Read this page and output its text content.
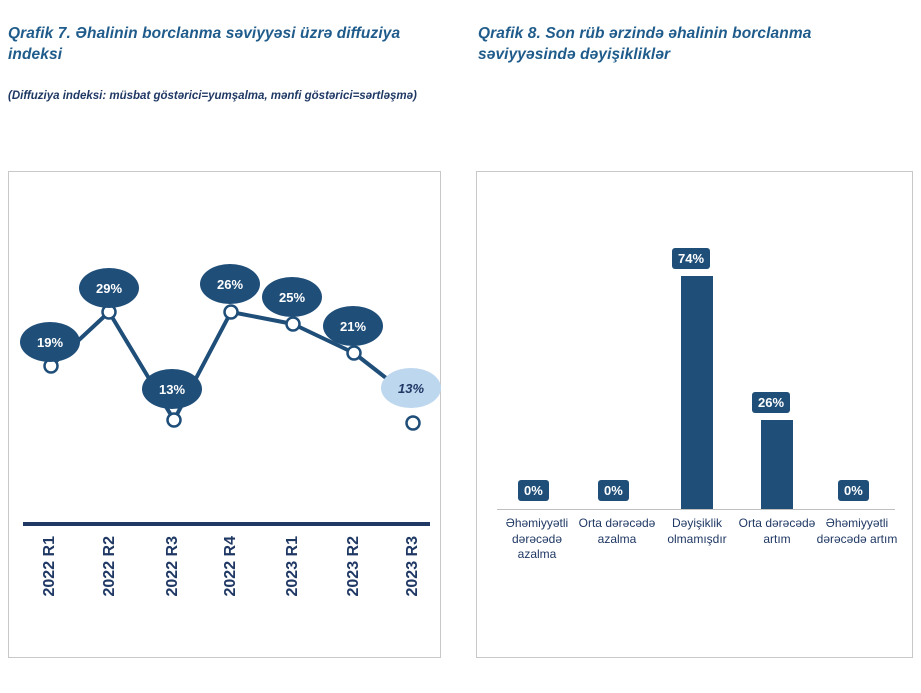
Qrafik 7. Əhalinin borclanma səviyyəsi üzrə diffuziya indeksi
(Diffuziya indeksi: müsbat göstərici=yumşalma, mənfi göstərici=sərtləşmə)
19%
29%
13%
26%
25%
21%
13%
2022 R1	2022 R2	2022 R3	2022 R4	2023 R1	2023 R2	2023 R3
Qrafik 8. Son rüb ərzində əhalinin borclanma səviyyəsində dəyişikliklər
0%
Əhəmiyyətli dərəcədə azalma
0%
Orta dərəcədə azalma
74%
Dəyişiklik olmamışdır
26%
Orta dərəcədə artım
0%
Əhəmiyyətli dərəcədə artım
